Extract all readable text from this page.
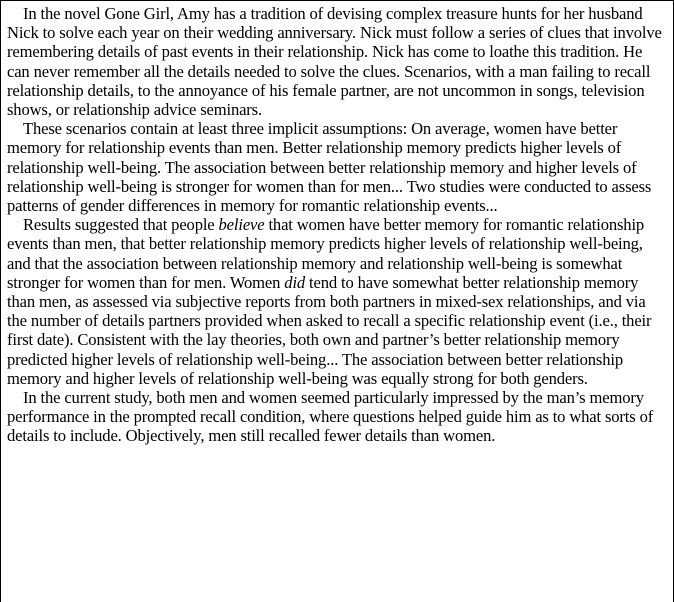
In the novel Gone Girl, Amy has a tradition of devising complex treasure hunts for her husband Nick to solve each year on their wedding anniversary. Nick must follow a series of clues that involve remembering details of past events in their relationship. Nick has come to loathe this tradition. He can never remember all the details needed to solve the clues. Scenarios, with a man failing to recall relationship details, to the annoyance of his female partner, are not uncommon in songs, television shows, or relationship advice seminars.

These scenarios contain at least three implicit assumptions: On average, women have better memory for relationship events than men. Better relationship memory predicts higher levels of relationship well-being. The association between better relationship memory and higher levels of relationship well-being is stronger for women than for men... Two studies were conducted to assess patterns of gender differences in memory for romantic relationship events...

Results suggested that people believe that women have better memory for romantic relationship events than men, that better relationship memory predicts higher levels of relationship well-being, and that the association between relationship memory and relationship well-being is somewhat stronger for women than for men. Women did tend to have somewhat better relationship memory than men, as assessed via subjective reports from both partners in mixed-sex relationships, and via the number of details partners provided when asked to recall a specific relationship event (i.e., their first date). Consistent with the lay theories, both own and partner’s better relationship memory predicted higher levels of relationship well-being... The association between better relationship memory and higher levels of relationship well-being was equally strong for both genders.

In the current study, both men and women seemed particularly impressed by the man’s memory performance in the prompted recall condition, where questions helped guide him as to what sorts of details to include. Objectively, men still recalled fewer details than women.
